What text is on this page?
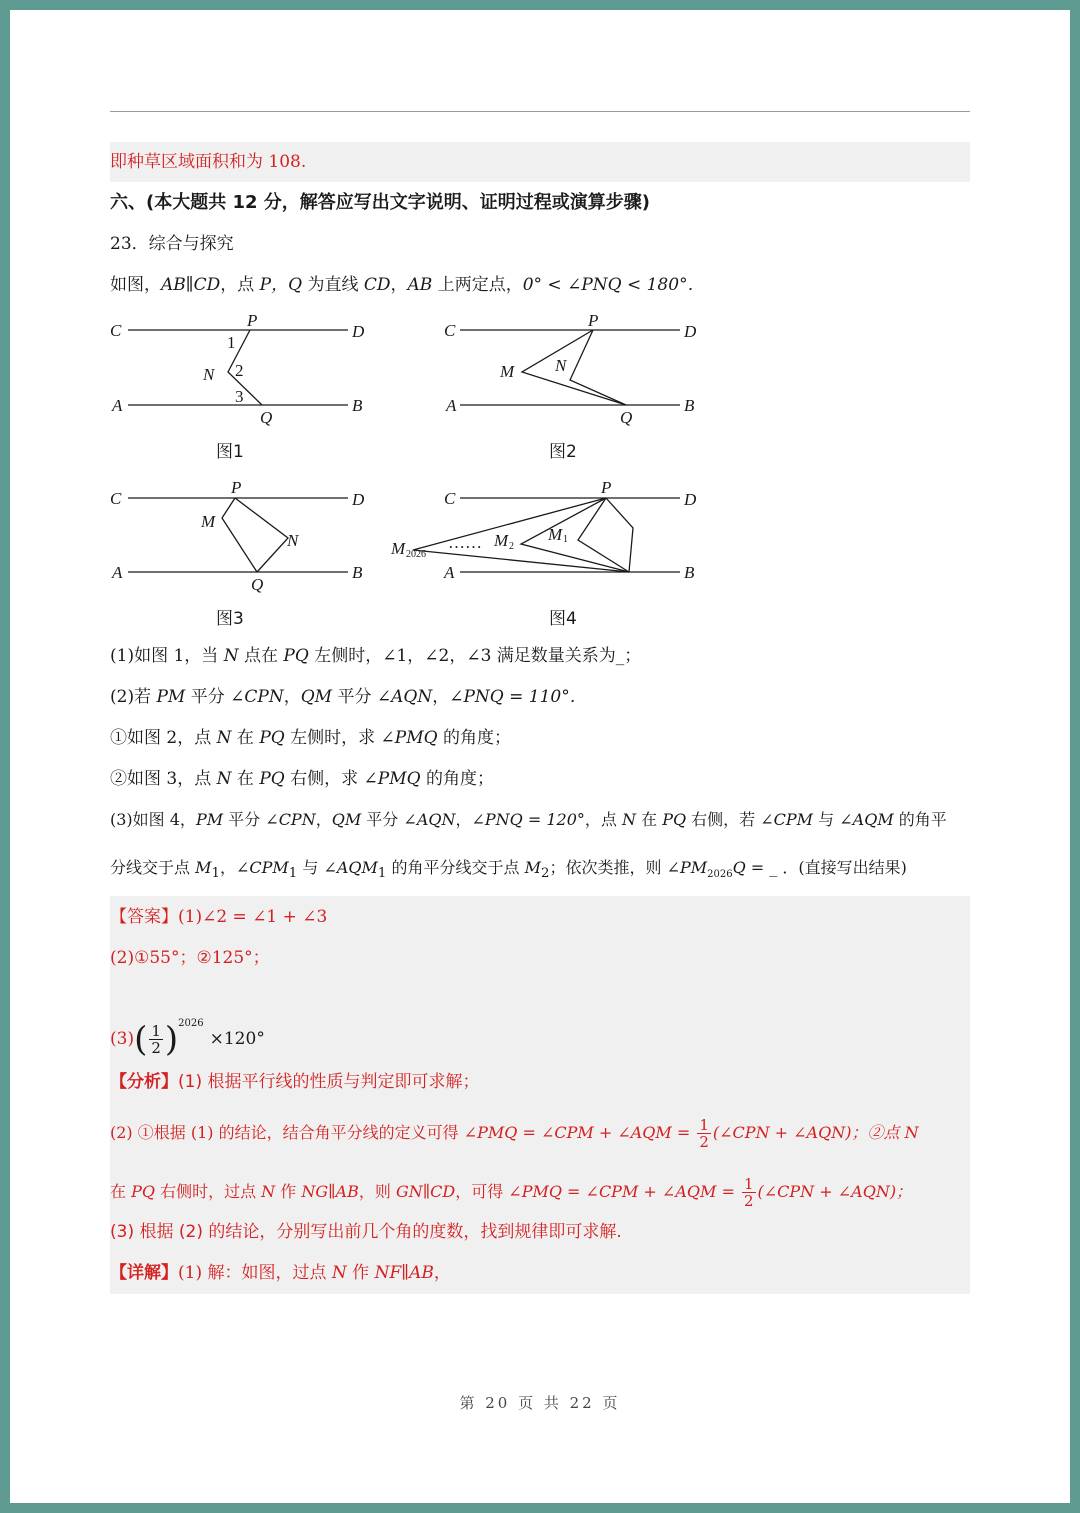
即种草区域面积和为 108.
六、(本大题共 12 分，解答应写出文字说明、证明过程或演算步骤)
23．综合与探究
如图，AB∥CD，点 P，Q 为直线 CD，AB 上两定点，0° < ∠PNQ < 180°．
C	D
A	B
P
Q
N
1
2
3
C	D
A	B
P
Q
M N
C	D
A	B
P
Q
M
N
C	D
A	B
P
M 1
M 2
……
M 2026
图1	图2
图3	图4
(1)如图 1，当 N 点在 PQ 左侧时，∠1，∠2，∠3 满足数量关系为_；
(2)若 PM 平分 ∠CPN，QM 平分 ∠AQN，∠PNQ = 110°．
①如图 2，点 N 在 PQ 左侧时，求 ∠PMQ 的角度；
②如图 3，点 N 在 PQ 右侧，求 ∠PMQ 的角度；
(3)如图 4，PM 平分 ∠CPN，QM 平分 ∠AQN，∠PNQ = 120°，点 N 在 PQ 右侧，若 ∠CPM 与 ∠AQM 的角平
分线交于点 $M_1$，$\angle CPM_1$ 与 $\angle AQM_1$ 的角平分线交于点 $M_2$；依次类推，则 $\angle PM_{2026}Q$ = _ ．(直接写出结果)
【答案】(1)∠2 = ∠1 + ∠3
(2)①55°；②125°；
$(3)( \frac{1}{2} )^{2026}\times 120^\circ$
【分析】(1) 根据平行线的性质与判定即可求解；
(2) ①根据 (1) 的结论，结合角平分线的定义可得 ∠PMQ = ∠CPM + ∠AQM = $\frac{1}{2}$ (∠CPN + ∠AQN)；②点 N
在 PQ 右侧时，过点 N 作 NG∥AB，则 GN∥CD，可得 ∠PMQ = ∠CPM + ∠AQM = $\frac{1}{2}$ (∠CPN + ∠AQN)；
(3) 根据 (2) 的结论，分别写出前几个角的度数，找到规律即可求解.
【详解】(1) 解：如图，过点 N 作 NF∥AB，
第 20 页 共 22 页
